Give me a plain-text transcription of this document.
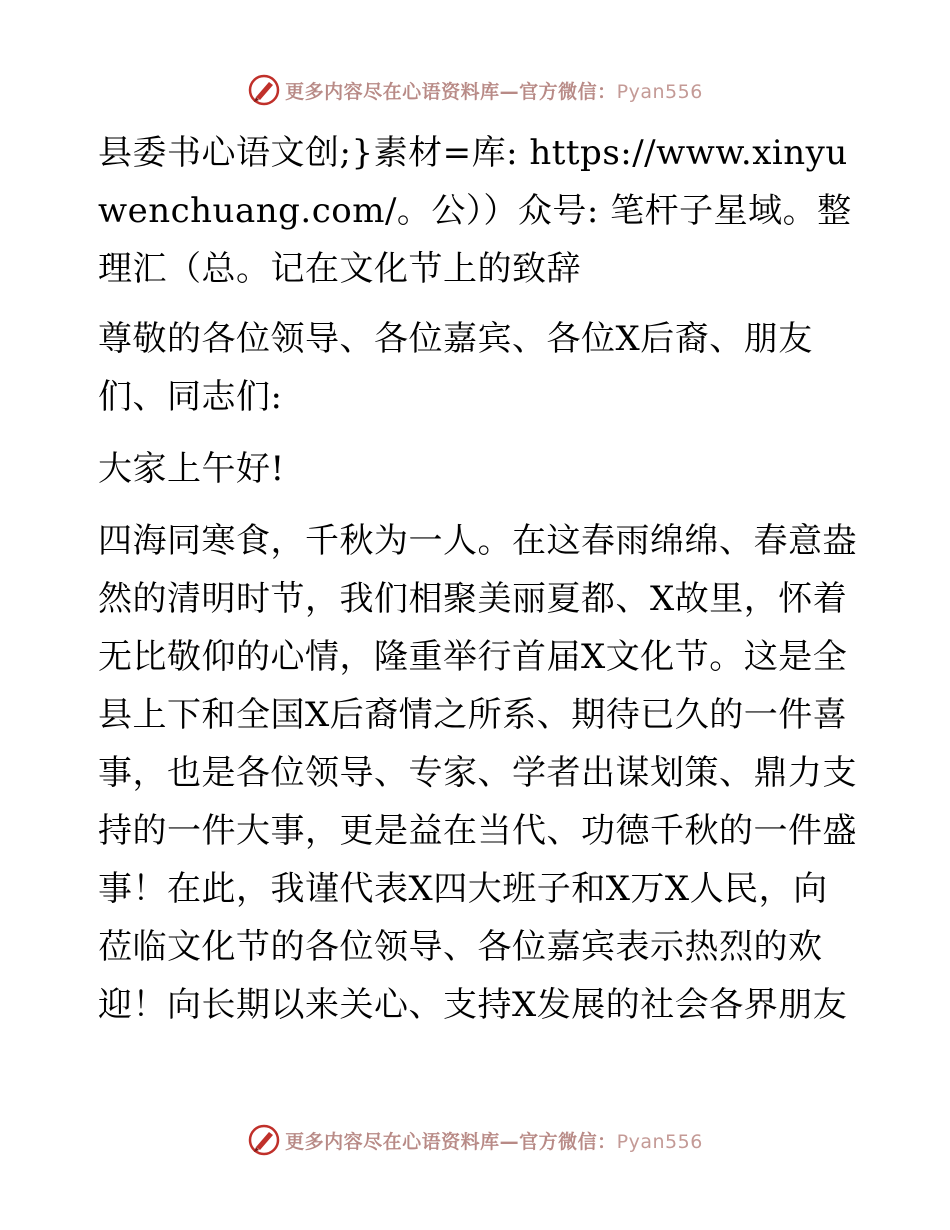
更多内容尽在心语资料库—官方微信：Pyan556

县委书心语文创;}素材=库: https://www.xinyuwenchuang.com/。公））众号: 笔杆子星域。整理汇（总。记在文化节上的致辞

尊敬的各位领导、各位嘉宾、各位X后裔、朋友们、同志们:

大家上午好!

四海同寒食，千秋为一人。在这春雨绵绵、春意盎然的清明时节，我们相聚美丽夏都、X故里，怀着无比敬仰的心情，隆重举行首届X文化节。这是全县上下和全国X后裔情之所系、期待已久的一件喜事，也是各位领导、专家、学者出谋划策、鼎力支持的一件大事，更是益在当代、功德千秋的一件盛事！在此，我谨代表X四大班子和X万X人民，向莅临文化节的各位领导、各位嘉宾表示热烈的欢迎！向长期以来关心、支持X发展的社会各界朋友

更多内容尽在心语资料库—官方微信：Pyan556
